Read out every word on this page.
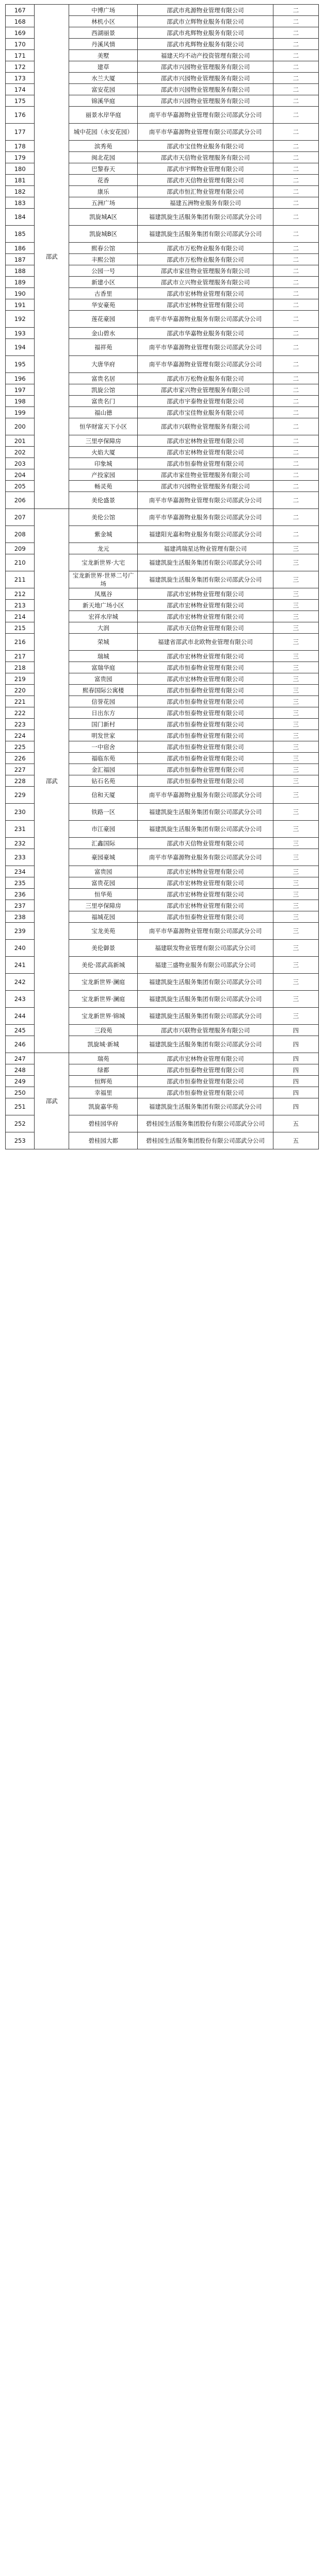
167	邵武	中博广场	邵武市兆源物业管理有限公司	二
168		林机小区	邵武市立辉物业服务有限公司	二
169		西湖丽景	邵武市兆辉物业服务有限公司	二
170		丹溪风情	邵武市兆辉物业服务有限公司	二
171		美墅	福建天均不动产投资管理有限公司	二
172		建草	邵武市兴园物业管理服务有限公司	二
173		水兰大厦	邵武市兴园物业管理服务有限公司	二
174		富安花园	邵武市兴园物业管理服务有限公司	二
175		锦溪华庭	邵武市兴园物业管理服务有限公司	二
176		丽景水岸华庭	南平市华嘉源物业管理有限公司邵武分公司	二
177		城中花园（永安花园）	南平市华嘉源物业管理有限公司邵武分公司	二
178		滨秀苑	邵武市宝佳物业服务有限公司	二
179		闽北花园	邵武市天信物业管理服务有限公司	二
180		巴黎春天	邵武市宇辉物业管理有限公司	二
181		花香	邵武市天信物业管理有限公司	二
182		康乐	邵武市恒汇物业管理有限公司	二
183		五洲广场	福建五洲物业服务有限公司	二
184		凯旋城A区	福建凯旋生活服务集团有限公司邵武分公司	二
185		凯旋城B区	福建凯旋生活服务集团有限公司邵武分公司	二
186		熙春公馆	邵武市万松物业服务有限公司	二
187		丰熙公馆	邵武市万松物业服务有限公司	二
188		公园一号	邵武市家佳物业管理服务有限公司	二
189		新建小区	邵武市立兴物业管理服务有限公司	二
190		古香里	邵武市宏林物业管理有限公司	二
191		华安豪苑	邵武市宏林物业管理有限公司	二
192		莲花豪园	南平市华嘉源物业服务有限公司邵武分公司	二
193		金山碧水	邵武市华嘉物业服务有限公司	二
194		福祥苑	南平市华嘉源物业管理有限公司邵武分公司	二
195		大唐华府	南平市华嘉源物业管理有限公司邵武分公司	二
196		富贵名居	邵武市万松物业服务有限公司	二
197		凯旋公馆	邵武市家兴物业管理服务有限公司	二
198		富贵名门	邵武市宇泰物业管理有限公司	二
199		福山德	邵武市宝佳物业服务有限公司	二
200		恒华财富天下小区	邵武市兴联物业管理服务有限公司	二
201		三里亭保障房	邵武市宏林物业管理有限公司	二
202		火焰大厦	邵武市宏林物业管理有限公司	二
203		印象城	邵武市恒泰物业管理有限公司	二
204		产投家园	邵武市家佳物业管理服务有限公司	二
205		畅灵苑	邵武市兴园物业管理服务有限公司	二
206		美伦盛景	南平市华嘉源物业管理有限公司邵武分公司	二
207	邵武	美伦公馆	南平市华嘉源物业服务有限公司邵武分公司	二
208		紫金城	福建阳光嘉和物业服务有限公司邵武分公司	二
209		龙元	福建鸿瑞星达物业管理有限公司	三
210		宝龙新世界·大宅	福建凯旋生活服务集团有限公司邵武分公司	三
211		宝龙新世界·世界二号广场	福建凯旋生活服务集团有限公司邵武分公司	三
212		凤凰谷	邵武市宏林物业管理有限公司	三
213		新天地广场小区	邵武市宏林物业管理有限公司	三
214		宏祥水岸城	邵武市宏林物业管理有限公司	三
215		大润	邵武市天信物业管理有限公司	三
216		荣城	福建省邵武市北欧物业管理有限公司	三
217		瑞城	邵武市宏林物业管理有限公司	三
218		富瑞华庭	邵武市恒泰物业管理有限公司	三
219		富贵园	邵武市宏林物业管理有限公司	三
220		熙春国际公寓楼	邵武市恒泰物业管理有限公司	三
221		信誉花园	邵武市恒泰物业管理有限公司	三
222		日出东方	邵武市恒泰物业管理有限公司	三
223		国门新村	邵武市恒泰物业管理有限公司	三
224		明发世家	邵武市恒泰物业管理有限公司	三
225		一中宿舍	邵武市恒泰物业管理有限公司	三
226		福临东苑	邵武市恒泰物业管理有限公司	三
227		金汇福园	邵武市恒泰物业管理有限公司	三
228		钻石名苑	邵武市恒泰物业管理有限公司	三
229		信和天厦	南平市华嘉源物业服务有限公司邵武分公司	三
230		铁路一区	福建凯旋生活服务集团有限公司邵武分公司	三
231		市江豪园	福建凯旋生活服务集团有限公司邵武分公司	三
232		汇鑫国际	邵武市天信物业管理有限公司	三
233		豪园豪城	南平市华嘉源物业服务有限公司邵武分公司	三
234		富贵园	邵武市宏林物业管理有限公司	三
235		富贵花园	邵武市宏林物业管理有限公司	三
236		恒华苑	邵武市宏林物业管理有限公司	三
237		三里亭保障房	邵武市宏林物业管理有限公司	三
238		福城花园	邵武市恒泰物业管理有限公司	三
239		宝龙美苑	南平市华嘉源物业管理有限公司邵武分公司	三
240		美伦御景	福建联发物业管理有限公司邵武分公司	三
241		美伦·邵武高新城	福建三盛物业服务有限公司邵武分公司	三
242		宝龙新世界·澜庭	福建凯旋生活服务集团有限公司邵武分公司	三
243		宝龙新世界·澜庭	福建凯旋生活服务集团有限公司邵武分公司	三
244		宝龙新世界·锦城	福建凯旋生活服务集团有限公司邵武分公司	三
245		三段苑	邵武市兴联物业管理服务有限公司	四
246		凯旋城·新城	福建凯旋生活服务集团有限公司邵武分公司	四
247	邵武	瑞苑	邵武市宏林物业管理有限公司	四
248		绿都	邵武市恒泰物业管理有限公司	四
249		恒辉苑	邵武市恒泰物业管理有限公司	四
250		幸福里	邵武市恒泰物业管理有限公司	四
251		凯旋嘉华苑	福建凯旋生活服务集团有限公司邵武分公司	四
252		碧桂园华府	碧桂园生活服务集团股份有限公司邵武分公司	五
253		碧桂园大都	碧桂园生活服务集团股份有限公司邵武分公司	五
